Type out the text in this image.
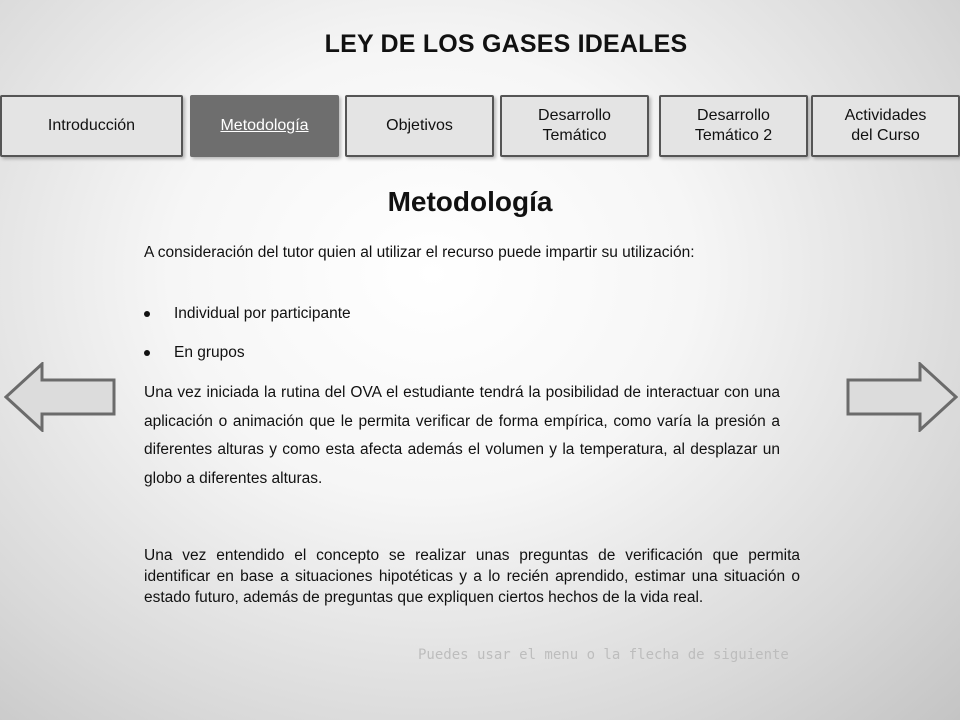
LEY DE LOS GASES IDEALES
Introducción	Metodología	Objetivos
Desarrollo
Temático
Desarrollo
Temático 2
Actividades
del Curso
Metodología
A consideración del tutor quien al utilizar el recurso puede impartir su utilización:
Individual por participante
En grupos
Una vez iniciada la rutina del OVA el estudiante tendrá la posibilidad de interactuar con una aplicación o animación que le permita verificar de forma empírica, como varía la presión a diferentes alturas y como esta afecta además el volumen y la temperatura, al desplazar un globo a diferentes alturas.
Una vez entendido el concepto se realizar unas preguntas de verificación que permita identificar en base a situaciones hipotéticas y a lo recién aprendido, estimar una situación o estado futuro, además de preguntas que expliquen ciertos hechos de la vida real.
Puedes usar el menu o la flecha de siguiente
